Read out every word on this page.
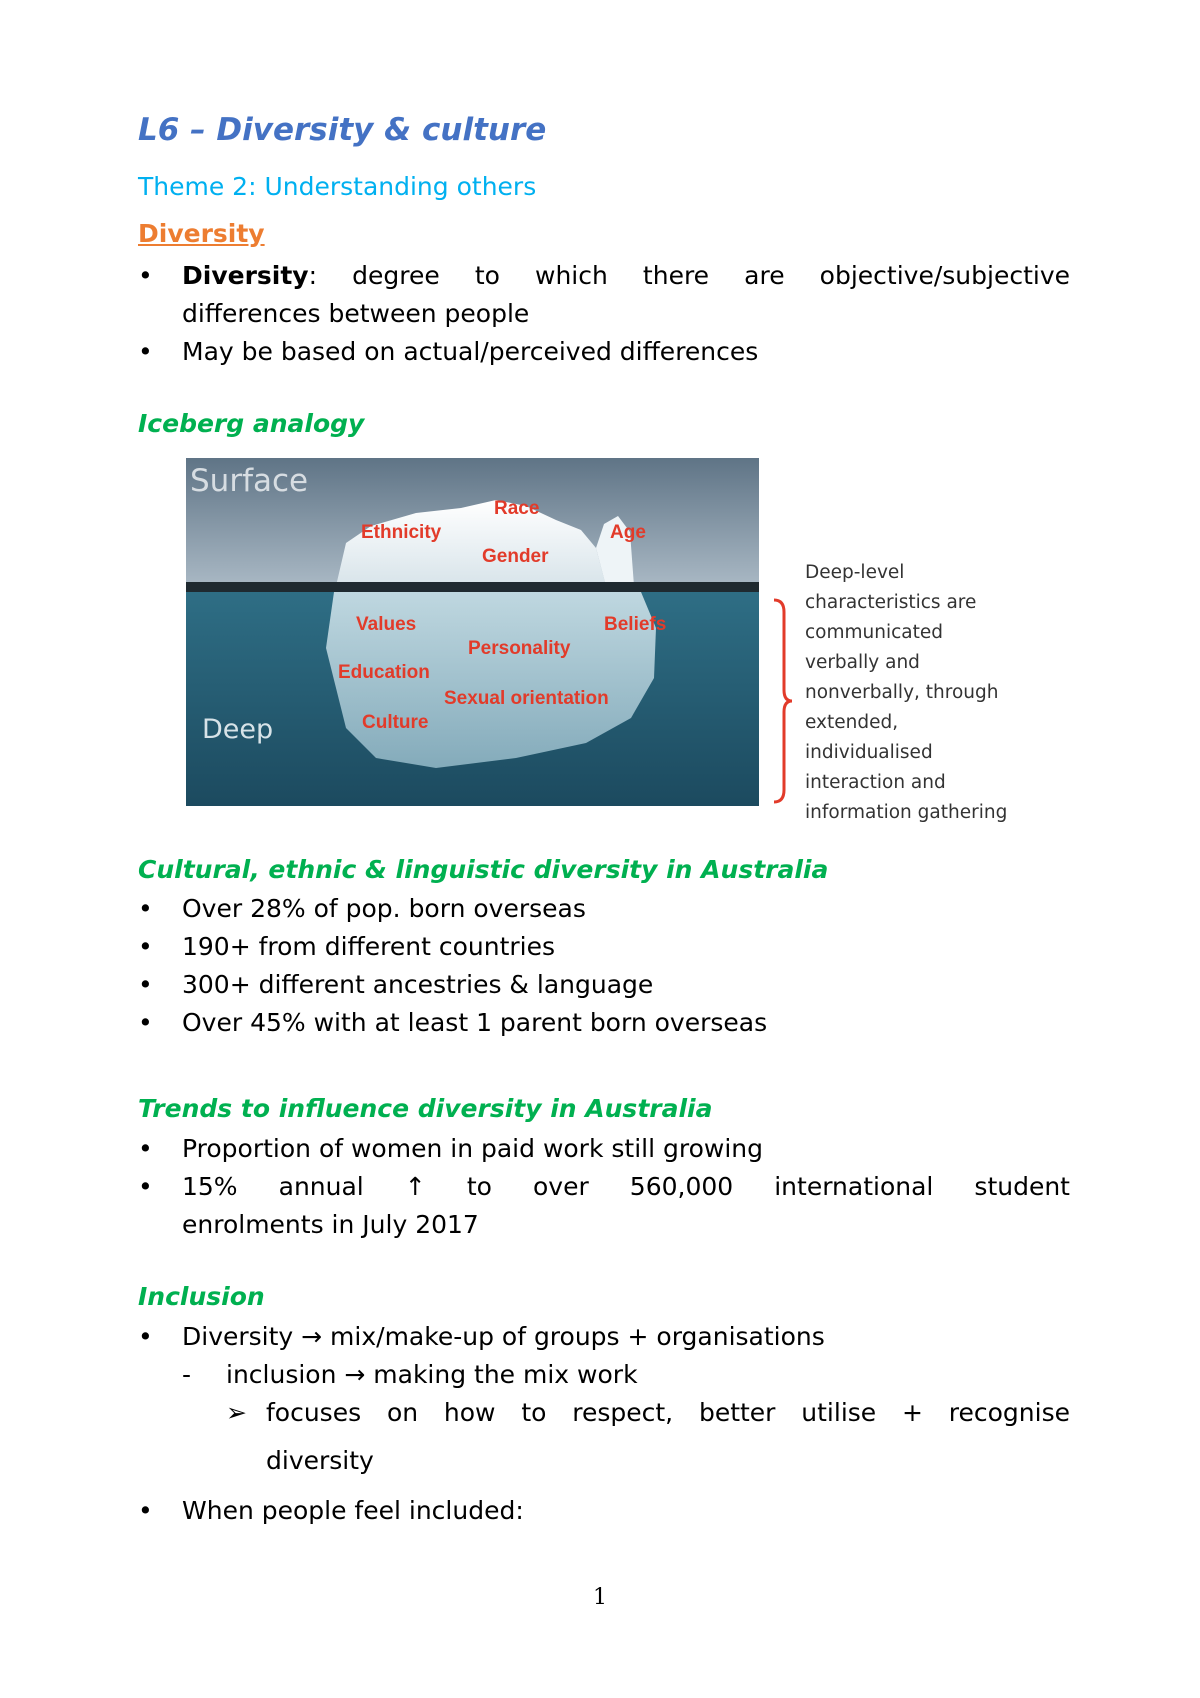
L6 – Diversity & culture
Theme 2: Understanding others
Diversity
•	Diversity: degree to which there are objective/subjective
differences between people
•	May be based on actual/perceived differences
Iceberg analogy
Surface
Deep
Race
Ethnicity	Age
Gender
Values	Beliefs
Personality
Education
Sexual orientation
Culture
Deep-level
characteristics are
communicated
verbally and
nonverbally, through
extended,
individualised
interaction and
information gathering
Cultural, ethnic & linguistic diversity in Australia
•	Over 28% of pop. born overseas
•	190+ from different countries
•	300+ different ancestries & language
•	Over 45% with at least 1 parent born overseas
Trends to influence diversity in Australia
•	Proportion of women in paid work still growing
•	15% annual ↑ to over 560,000 international student
enrolments in July 2017
Inclusion
•	Diversity → mix/make-up of groups + organisations
- inclusion → making the mix work
➢ focuses on how to respect, better utilise + recognise
diversity
•	When people feel included:
1
